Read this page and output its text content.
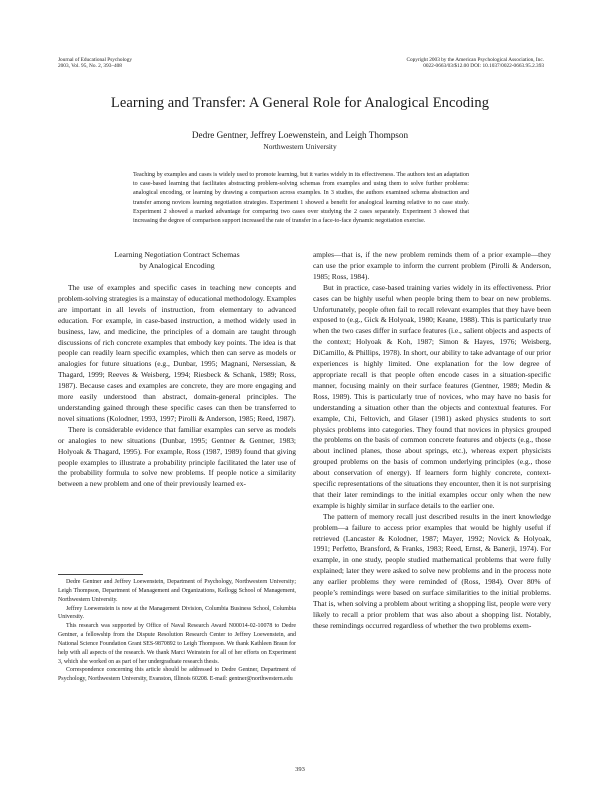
Journal of Educational Psychology
2003, Vol. 95, No. 2, 393–408
Copyright 2003 by the American Psychological Association, Inc.
0022-0663/03/$12.00 DOI: 10.1037/0022-0663.95.2.393
Learning and Transfer: A General Role for Analogical Encoding
Dedre Gentner, Jeffrey Loewenstein, and Leigh Thompson
Northwestern University
Teaching by examples and cases is widely used to promote learning, but it varies widely in its effectiveness. The authors test an adaptation to case-based learning that facilitates abstracting problem-solving schemas from examples and using them to solve further problems: analogical encoding, or learning by drawing a comparison across examples. In 3 studies, the authors examined schema abstraction and transfer among novices learning negotiation strategies. Experiment 1 showed a benefit for analogical learning relative to no case study. Experiment 2 showed a marked advantage for comparing two cases over studying the 2 cases separately. Experiment 3 showed that increasing the degree of comparison support increased the rate of transfer in a face-to-face dynamic negotiation exercise.
Learning Negotiation Contract Schemas
by Analogical Encoding

The use of examples and specific cases in teaching new concepts and problem-solving strategies is a mainstay of educational methodology. Examples are important in all levels of instruction, from elementary to advanced education. For example, in case-based instruction, a method widely used in business, law, and medicine, the principles of a domain are taught through discussions of rich concrete examples that embody key points. The idea is that people can readily learn specific examples, which then can serve as models or analogies for future situations (e.g., Dunbar, 1995; Magnani, Nersessian, & Thagard, 1999; Reeves & Weisberg, 1994; Riesbeck & Schank, 1989; Ross, 1987). Because cases and examples are concrete, they are more engaging and more easily understood than abstract, domain-general principles. The understanding gained through these specific cases can then be transferred to novel situations (Kolodner, 1993, 1997; Pirolli & Anderson, 1985; Reed, 1987).

There is considerable evidence that familiar examples can serve as models or analogies to new situations (Dunbar, 1995; Gentner & Gentner, 1983; Holyoak & Thagard, 1995). For example, Ross (1987, 1989) found that giving people examples to illustrate a probability principle facilitated the later use of the probability formula to solve new problems. If people notice a similarity between a new problem and one of their previously learned ex-

amples—that is, if the new problem reminds them of a prior example—they can use the prior example to inform the current problem (Pirolli & Anderson, 1985; Ross, 1984).

But in practice, case-based training varies widely in its effectiveness. Prior cases can be highly useful when people bring them to bear on new problems. Unfortunately, people often fail to recall relevant examples that they have been exposed to (e.g., Gick & Holyoak, 1980; Keane, 1988). This is particularly true when the two cases differ in surface features (i.e., salient objects and aspects of the context; Holyoak & Koh, 1987; Simon & Hayes, 1976; Weisberg, DiCamillo, & Phillips, 1978). In short, our ability to take advantage of our prior experiences is highly limited. One explanation for the low degree of appropriate recall is that people often encode cases in a situation-specific manner, focusing mainly on their surface features (Gentner, 1989; Medin & Ross, 1989). This is particularly true of novices, who may have no basis for understanding a situation other than the objects and contextual features. For example, Chi, Feltovich, and Glaser (1981) asked physics students to sort physics problems into categories. They found that novices in physics grouped the problems on the basis of common concrete features and objects (e.g., those about inclined planes, those about springs, etc.), whereas expert physicists grouped problems on the basis of common underlying principles (e.g., those about conservation of energy). If learners form highly concrete, context-specific representations of the situations they encounter, then it is not surprising that their later remindings to the initial examples occur only when the new example is highly similar in surface details to the earlier one.

The pattern of memory recall just described results in the inert knowledge problem—a failure to access prior examples that would be highly useful if retrieved (Lancaster & Kolodner, 1987; Mayer, 1992; Novick & Holyoak, 1991; Perfetto, Bransford, & Franks, 1983; Reed, Ernst, & Banerji, 1974). For example, in one study, people studied mathematical problems that were fully explained; later they were asked to solve new problems and in the process note any earlier problems they were reminded of (Ross, 1984). Over 80% of people’s remindings were based on surface similarities to the initial problems. That is, when solving a problem about writing a shopping list, people were very likely to recall a prior problem that was also about a shopping list. Notably, these remindings occurred regardless of whether the two problems exem-

Dedre Gentner and Jeffrey Loewenstein, Department of Psychology, Northwestern University; Leigh Thompson, Department of Management and Organizations, Kellogg School of Management, Northwestern University.

Jeffrey Loewenstein is now at the Management Division, Columbia Business School, Columbia University.

This research was supported by Office of Naval Research Award N00014-02-10078 to Dedre Gentner, a fellowship from the Dispute Resolution Research Center to Jeffrey Loewenstein, and National Science Foundation Grant SES-9870892 to Leigh Thompson. We thank Kathleen Braun for help with all aspects of the research. We thank Marci Weinstein for all of her efforts on Experiment 3, which she worked on as part of her undergraduate research thesis.

Correspondence concerning this article should be addressed to Dedre Gentner, Department of Psychology, Northwestern University, Evanston, Illinois 60208. E-mail: gentner@northwestern.edu

393
